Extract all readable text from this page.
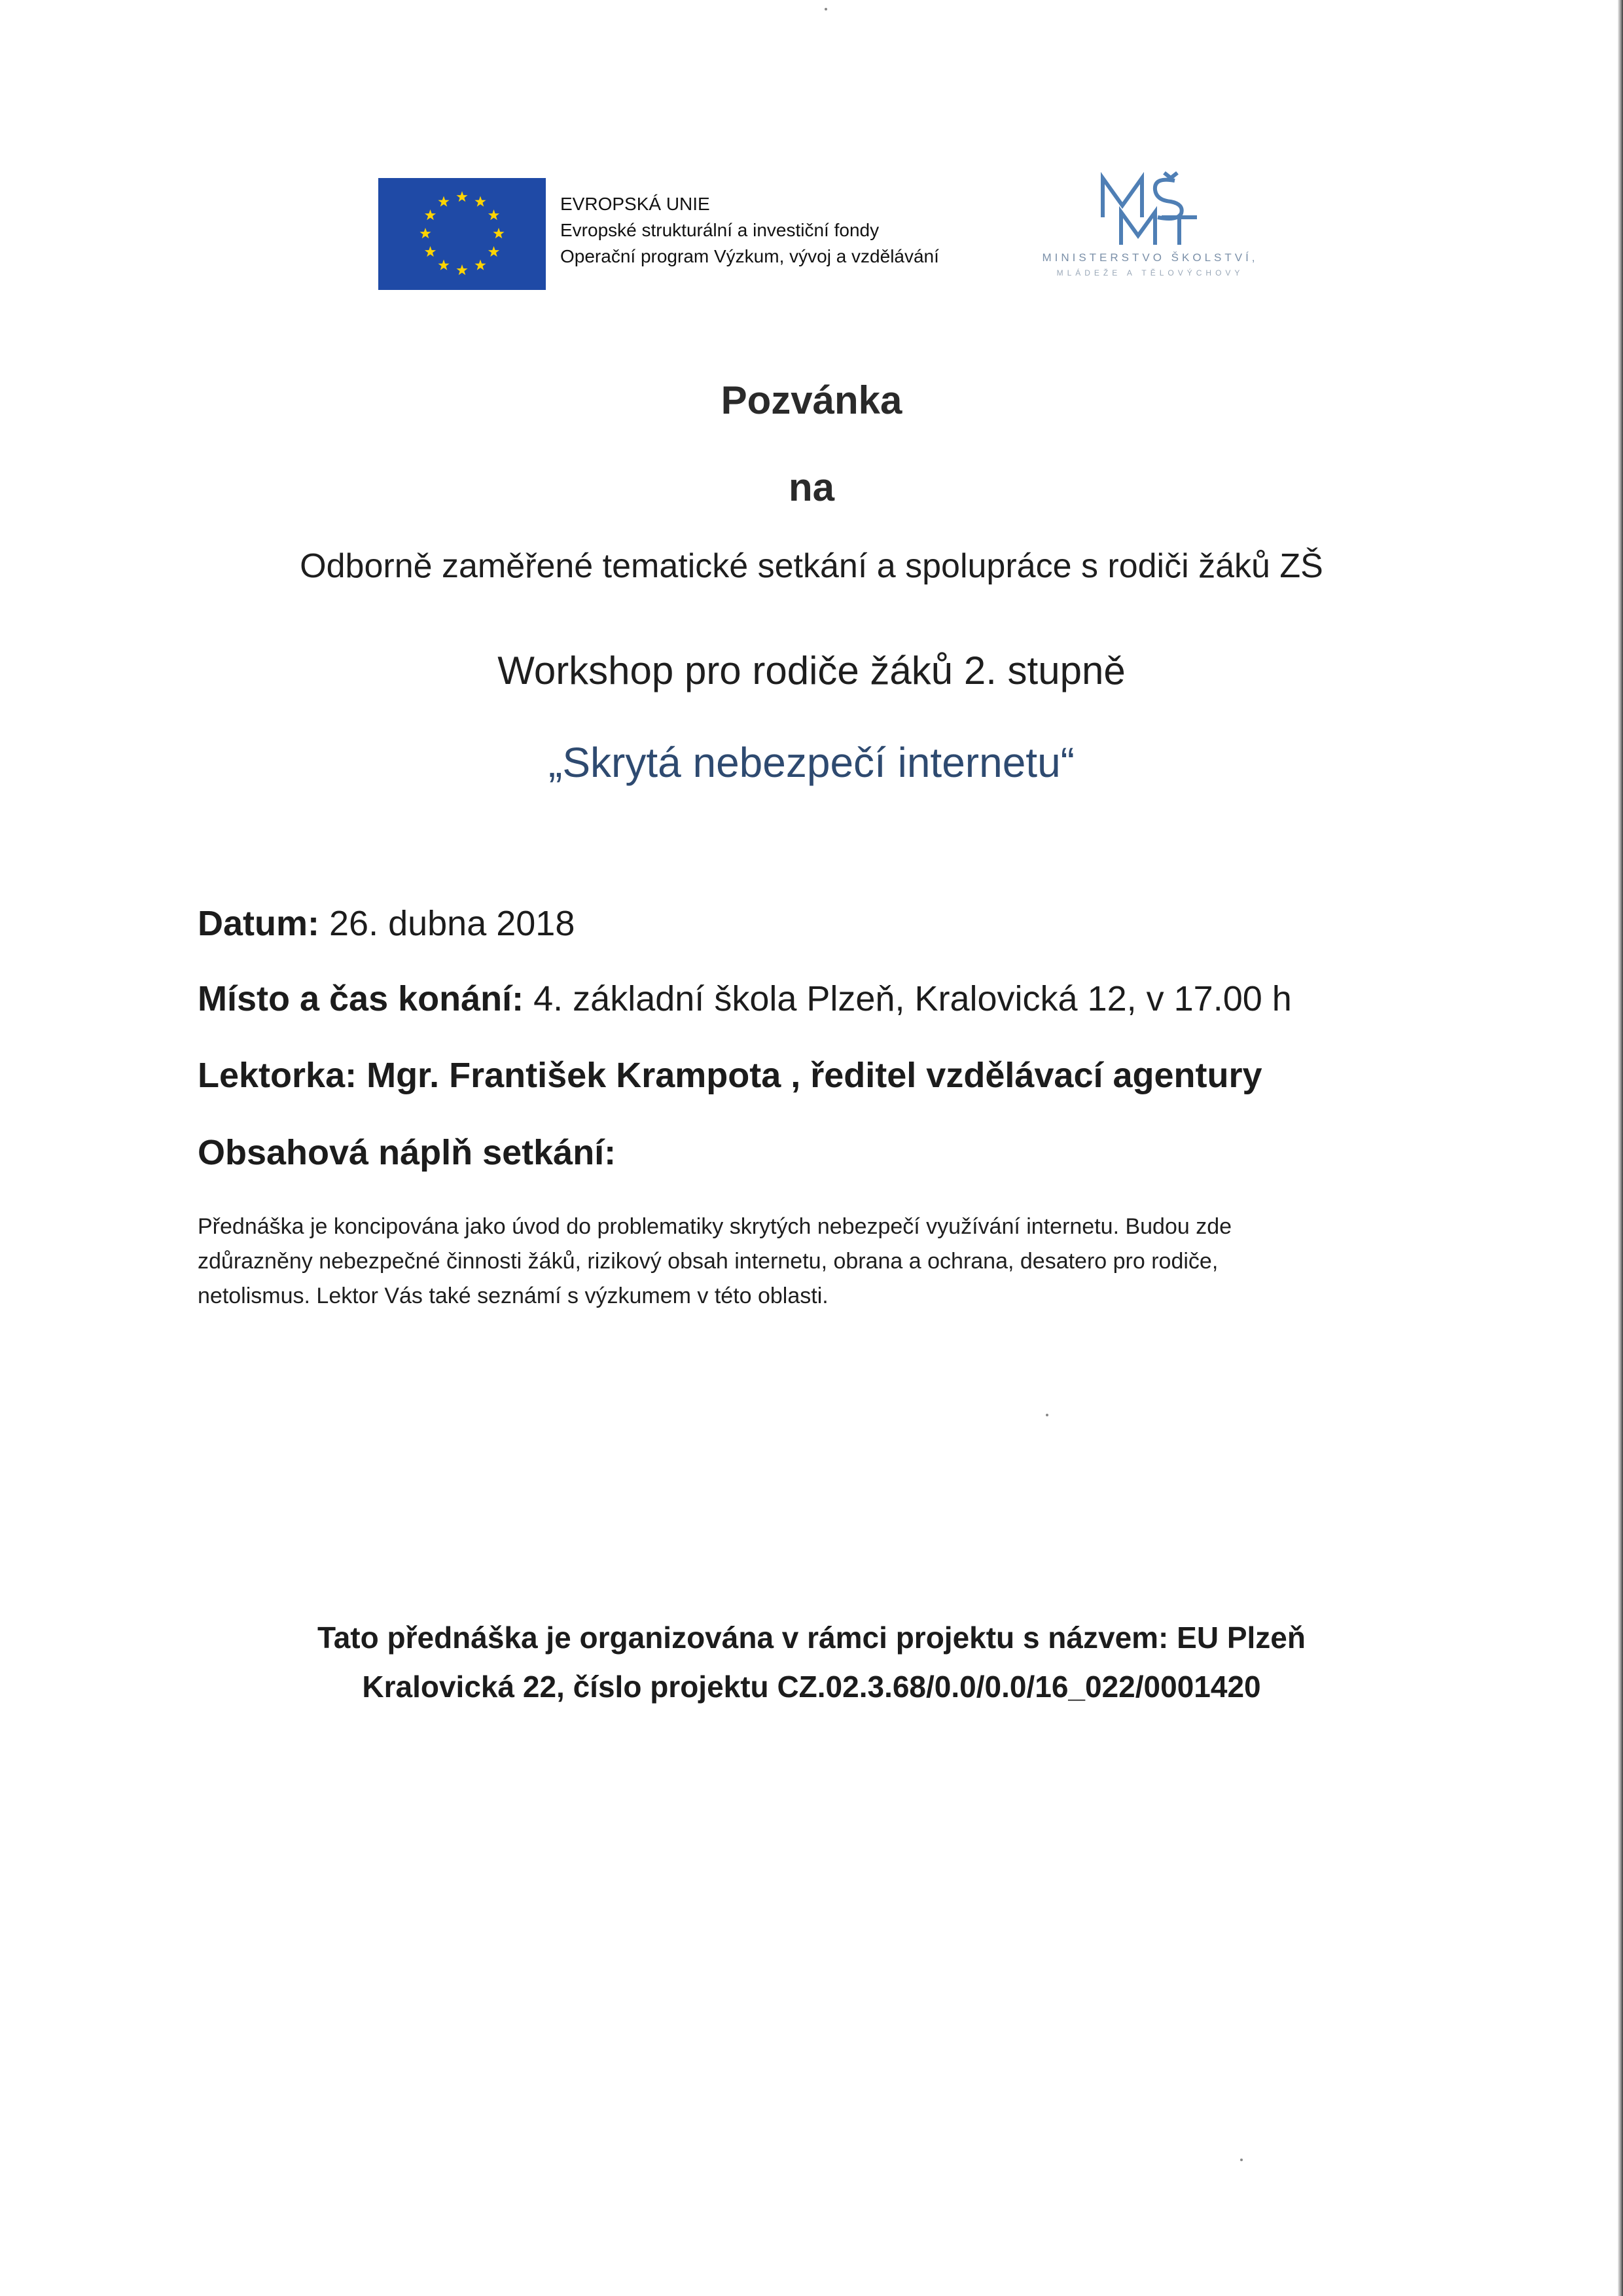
EVROPSKÁ UNIE
Evropské strukturální a investiční fondy
Operační program Výzkum, vývoj a vzdělávání	MINISTERSTVO ŠKOLSTVÍ,
MLÁDEŽE A TĚLOVÝCHOVY
Pozvánka
na
Odborně zaměřené tematické setkání a spolupráce s rodiči žáků ZŠ
Workshop pro rodiče žáků 2. stupně
„Skrytá nebezpečí internetu“
Datum: 26. dubna 2018
Místo a čas konání: 4. základní škola Plzeň, Kralovická 12, v 17.00 h
Lektorka: Mgr. František Krampota , ředitel vzdělávací agentury
Obsahová náplň setkání:
Přednáška je koncipována jako úvod do problematiky skrytých nebezpečí využívání internetu. Budou zde
zdůrazněny nebezpečné činnosti žáků, rizikový obsah internetu, obrana a ochrana, desatero pro rodiče,
netolismus. Lektor Vás také seznámí s výzkumem v této oblasti.
Tato přednáška je organizována v rámci projektu s názvem: EU Plzeň
Kralovická 22, číslo projektu CZ.02.3.68/0.0/0.0/16_022/0001420
